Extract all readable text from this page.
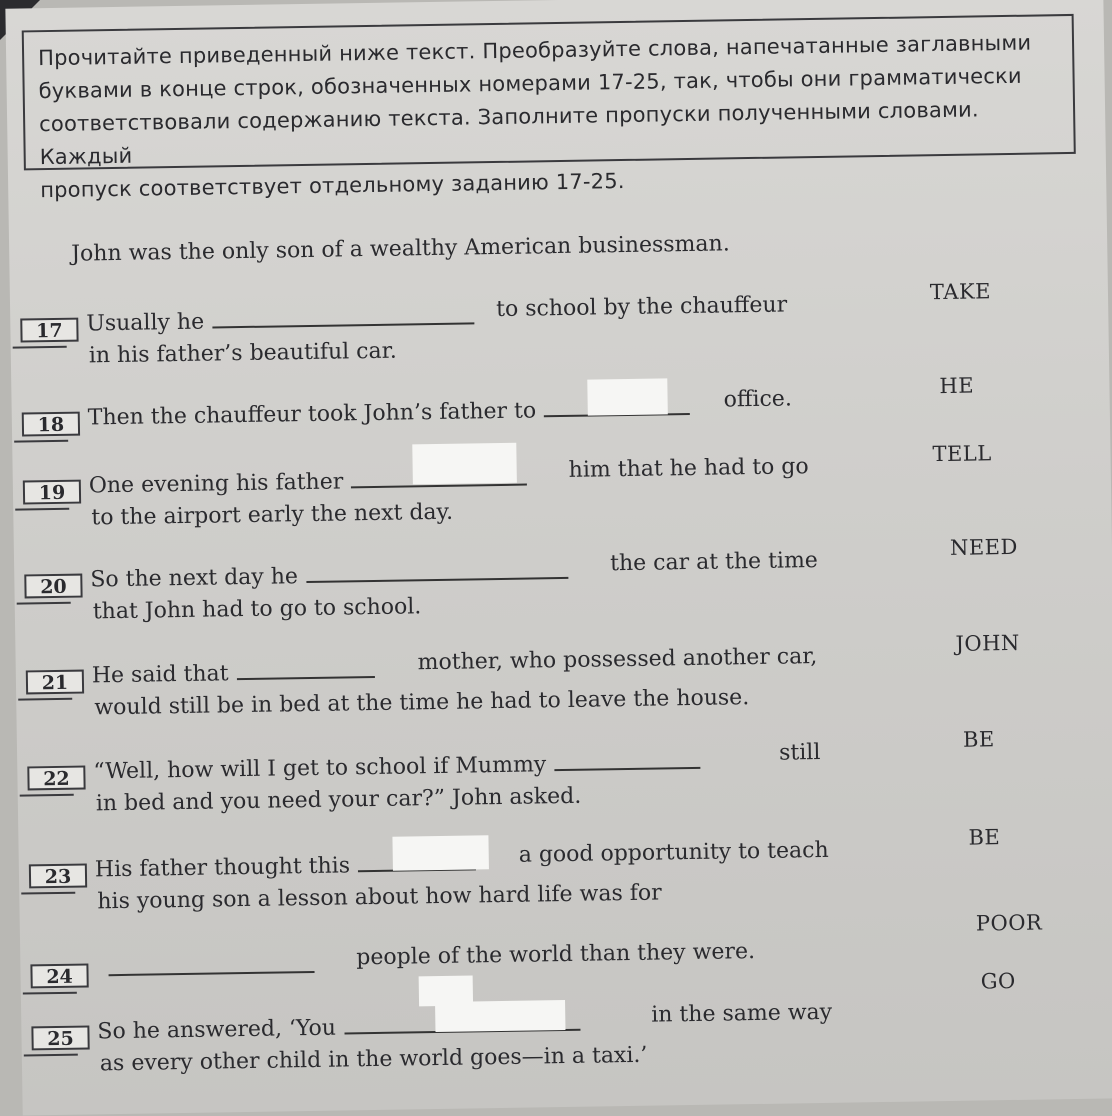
Прочитайте приведенный ниже текст. Преобразуйте слова, напечатанные заглавными
буквами в конце строк, обозначенных номерами 17-25, так, чтобы они грамматически
соответствовали содержанию текста. Заполните пропуски полученными словами. Каждый
пропуск соответствует отдельному заданию 17-25.
John was the only son of a wealthy American businessman.
17	Usually he
to school by the chauffeur
in his father’s beautiful car.
TAKE
18	Then the chauffeur took John’s father to	office.
HE
19	One evening his father
him that he had to go
to the airport early the next day.
TELL
20	So the next day he
the car at the time
that John had to go to school.
NEED
21	He said that	mother, who possessed another car,
would still be in bed at the time he had to leave the house.
JOHN
22	“Well, how will I get to school if Mummy	still
in bed and you need your car?” John asked.
BE
23	His father thought this
a good opportunity to teach
his young son a lesson about how hard life was for
BE
24
people of the world than they were.
POOR
25	So he answered, ‘You
in the same way
as every other child in the world goes—in a taxi.’
GO
